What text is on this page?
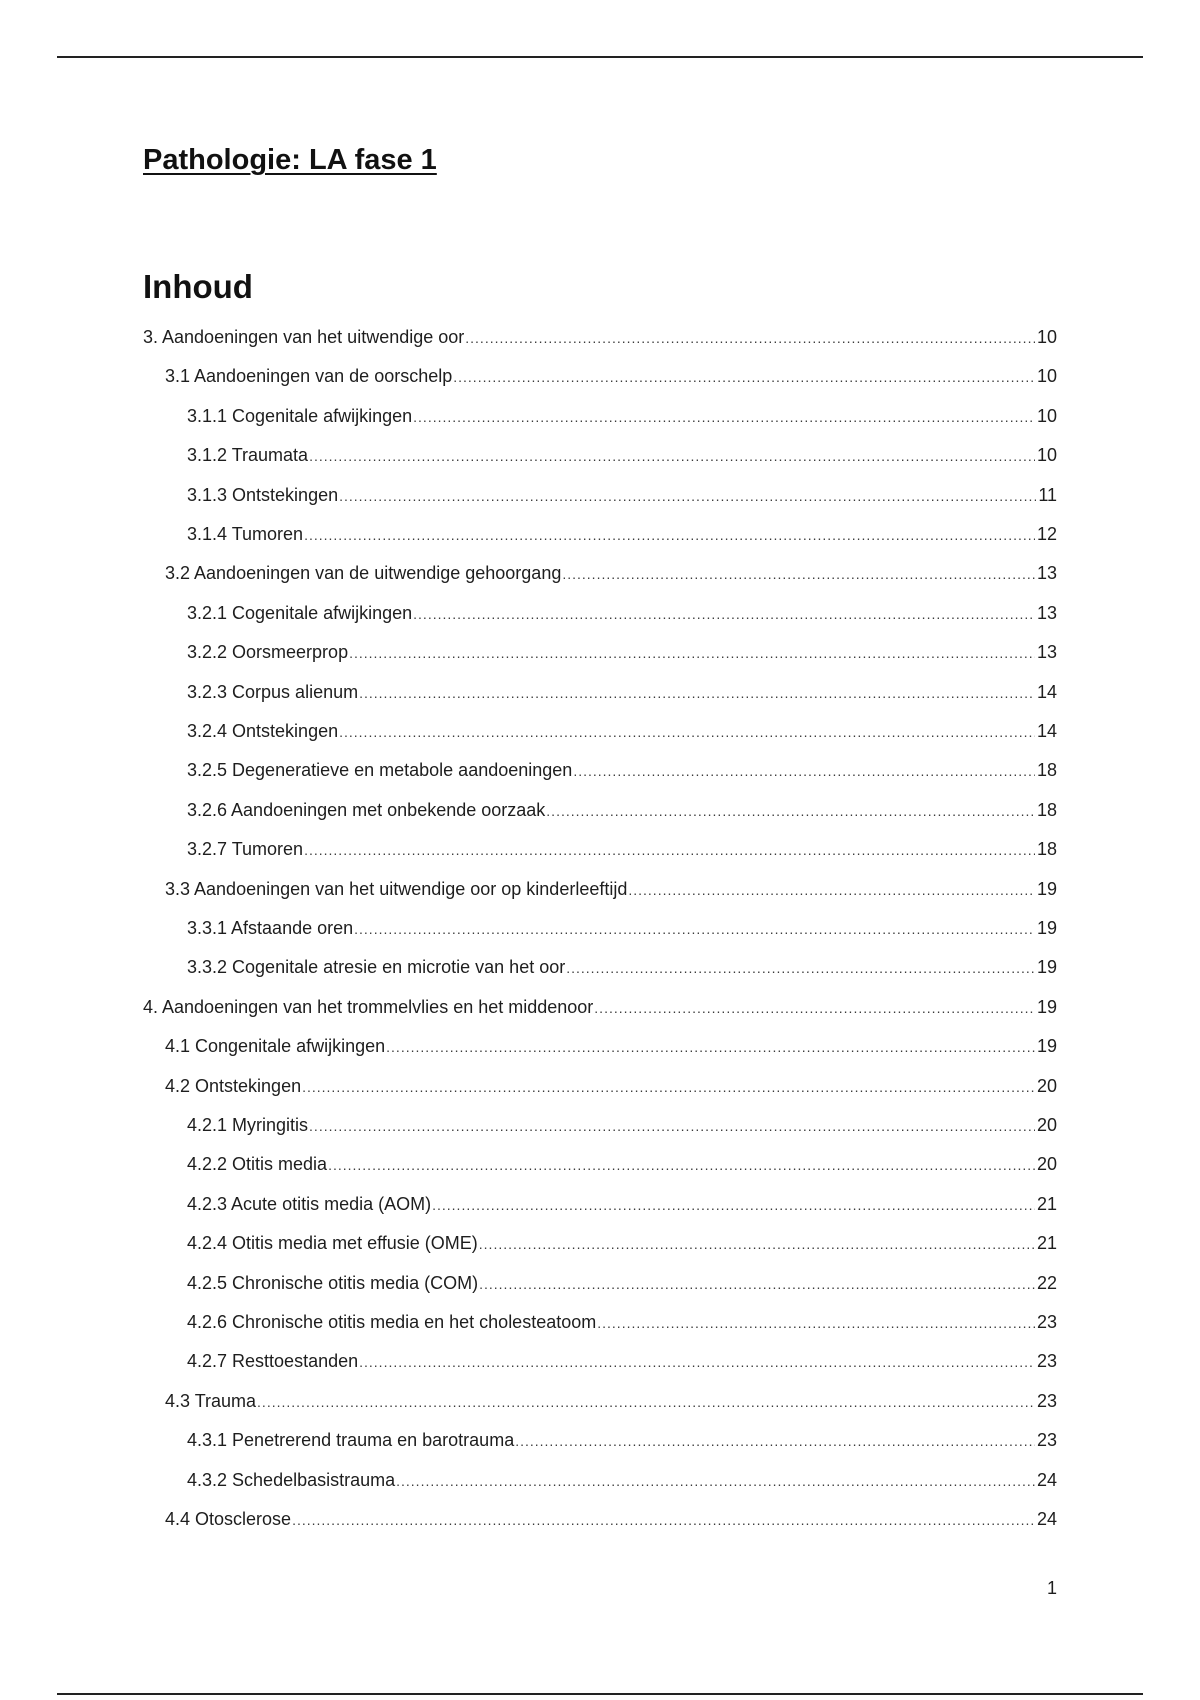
Pathologie: LA fase 1
Inhoud
3. Aandoeningen van het uitwendige oor .....	10
3.1 Aandoeningen van de oorschelp .....	10
3.1.1 Cogenitale afwijkingen .....	10
3.1.2 Traumata .....	10
3.1.3 Ontstekingen .....	11
3.1.4 Tumoren .....	12
3.2 Aandoeningen van de uitwendige gehoorgang .....	13
3.2.1 Cogenitale afwijkingen .....	13
3.2.2 Oorsmeerprop .....	13
3.2.3 Corpus alienum .....	14
3.2.4 Ontstekingen .....	14
3.2.5 Degeneratieve en metabole aandoeningen .....	18
3.2.6 Aandoeningen met onbekende oorzaak .....	18
3.2.7 Tumoren .....	18
3.3 Aandoeningen van het uitwendige oor op kinderleeftijd .....	19
3.3.1 Afstaande oren .....	19
3.3.2 Cogenitale atresie en microtie van het oor .....	19
4. Aandoeningen van het trommelvlies en het middenoor .....	19
4.1 Congenitale afwijkingen .....	19
4.2 Ontstekingen .....	20
4.2.1 Myringitis .....	20
4.2.2 Otitis media .....	20
4.2.3 Acute otitis media (AOM) .....	21
4.2.4 Otitis media met effusie (OME) .....	21
4.2.5 Chronische otitis media (COM) .....	22
4.2.6 Chronische otitis media en het cholesteatoom .....	23
4.2.7 Resttoestanden .....	23
4.3 Trauma .....	23
4.3.1 Penetrerend trauma en barotrauma .....	23
4.3.2 Schedelbasistrauma .....	24
4.4 Otosclerose .....	24
1
